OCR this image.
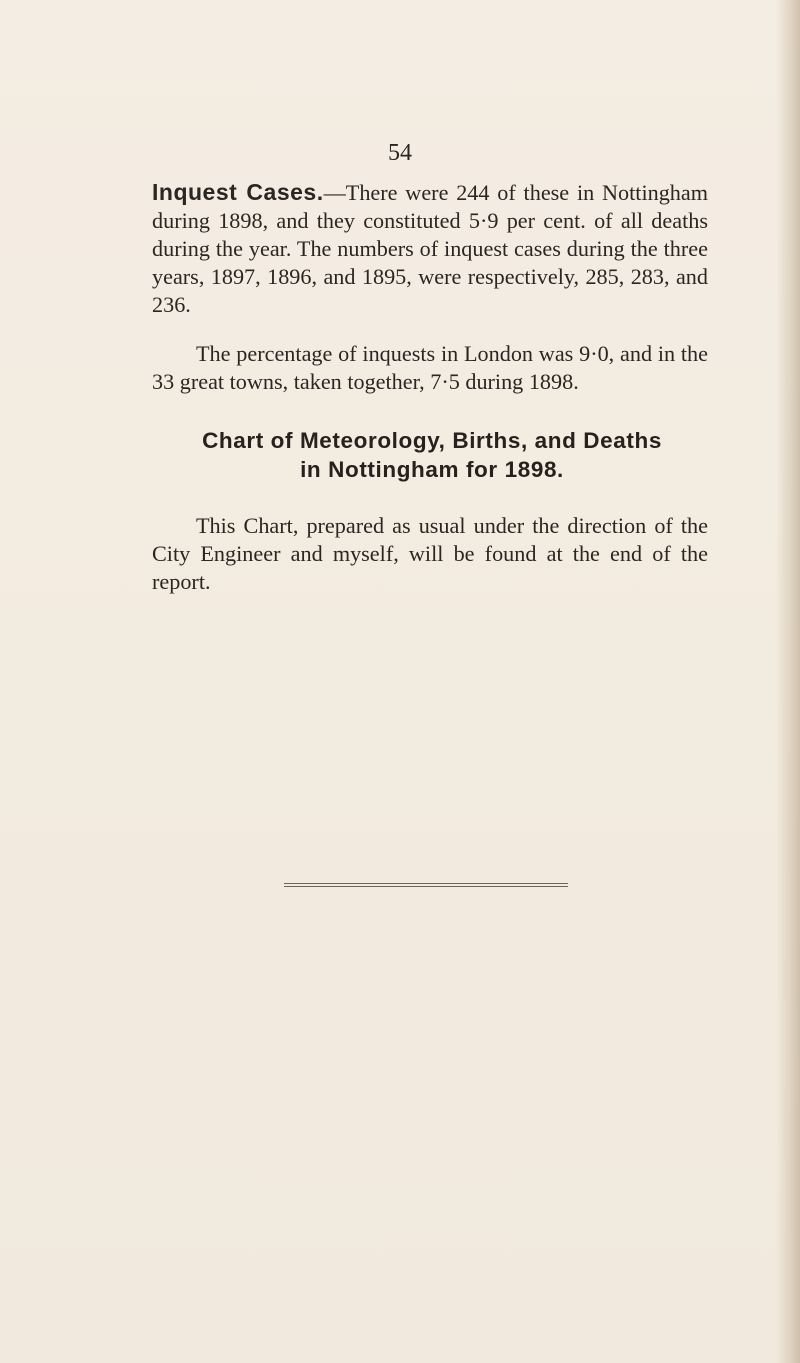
54

Inquest Cases.—There were 244 of these in Nottingham during 1898, and they constituted 5·9 per cent. of all deaths during the year. The numbers of inquest cases during the three years, 1897, 1896, and 1895, were respectively, 285, 283, and 236.

The percentage of inquests in London was 9·0, and in the 33 great towns, taken together, 7·5 during 1898.

Chart of Meteorology, Births, and Deaths
in Nottingham for 1898.

This Chart, prepared as usual under the direction of the City Engineer and myself, will be found at the end of the report.
